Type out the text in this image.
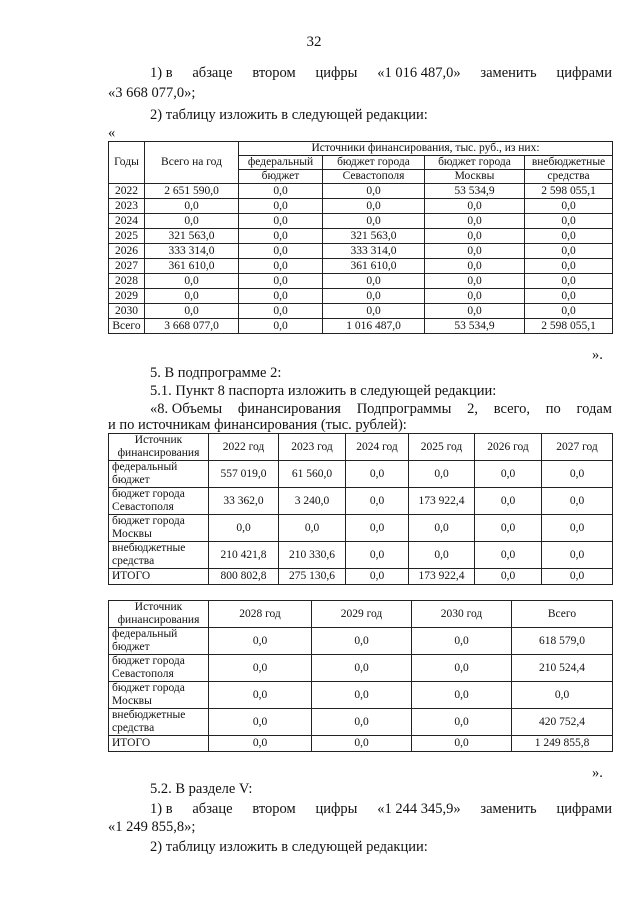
32
1) в абзаце втором цифры «1 016 487,0» заменить цифрами
«3 668 077,0»;
2) таблицу изложить в следующей редакции:
«
Годы	Всего на год	Источники финансирования, тыс. руб., из них:			
		федеральный	бюджет города	бюджет города	внебюджетные
		бюджет	Севастополя	Москвы	средства
2022	2 651 590,0	0,0	0,0	53 534,9	2 598 055,1
2023	0,0	0,0	0,0	0,0	0,0
2024	0,0	0,0	0,0	0,0	0,0
2025	321 563,0	0,0	321 563,0	0,0	0,0
2026	333 314,0	0,0	333 314,0	0,0	0,0
2027	361 610,0	0,0	361 610,0	0,0	0,0
2028	0,0	0,0	0,0	0,0	0,0
2029	0,0	0,0	0,0	0,0	0,0
2030	0,0	0,0	0,0	0,0	0,0
Всего	3 668 077,0	0,0	1 016 487,0	53 534,9	2 598 055,1
».
5. В подпрограмме 2:
5.1. Пункт 8 паспорта изложить в следующей редакции:
«8. Объемы финансирования Подпрограммы 2, всего, по годам
и по источникам финансирования (тыс. рублей):
Источник
финансирования	2022 год	2023 год	2024 год	2025 год	2026 год	2027 год
федеральный
бюджет	557 019,0	61 560,0	0,0	0,0	0,0	0,0
бюджет города
Севастополя	33 362,0	3 240,0	0,0	173 922,4	0,0	0,0
бюджет города
Москвы	0,0	0,0	0,0	0,0	0,0	0,0
внебюджетные
средства	210 421,8	210 330,6	0,0	0,0	0,0	0,0
ИТОГО	800 802,8	275 130,6	0,0	173 922,4	0,0	0,0
Источник
финансирования	2028 год	2029 год	2030 год	Всего
федеральный
бюджет	0,0	0,0	0,0	618 579,0
бюджет города
Севастополя	0,0	0,0	0,0	210 524,4
бюджет города
Москвы	0,0	0,0	0,0	0,0
внебюджетные
средства	0,0	0,0	0,0	420 752,4
ИТОГО	0,0	0,0	0,0	1 249 855,8
».
5.2. В разделе V:
1) в абзаце втором цифры «1 244 345,9» заменить цифрами
«1 249 855,8»;
2) таблицу изложить в следующей редакции:
